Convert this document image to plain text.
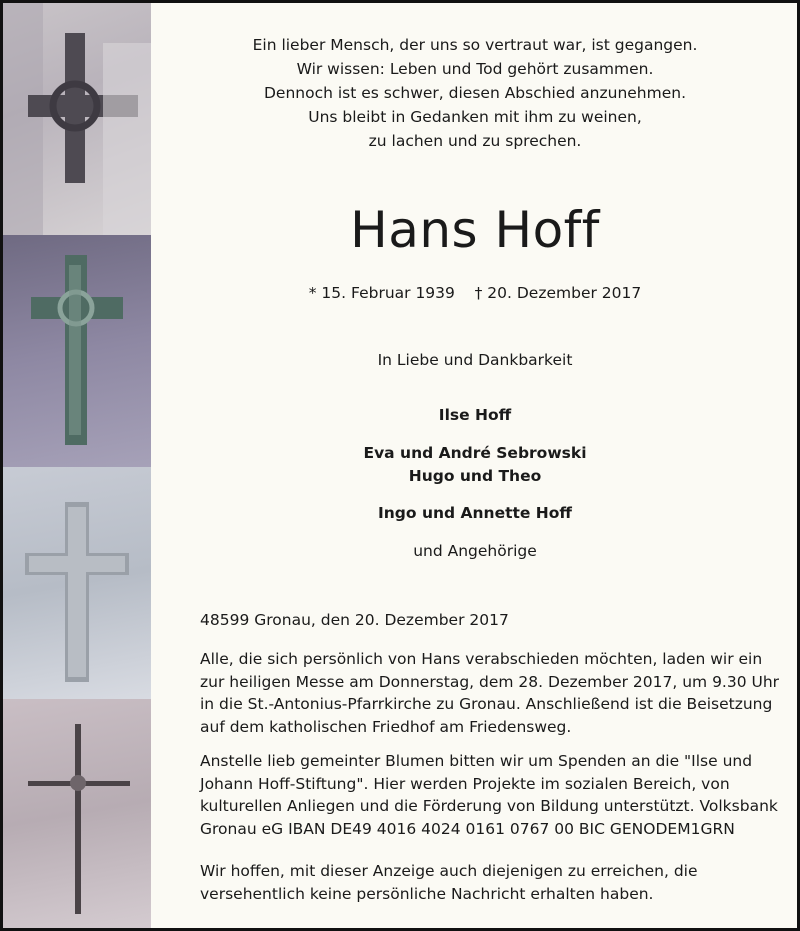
Ein lieber Mensch, der uns so vertraut war, ist gegangen.
Wir wissen: Leben und Tod gehört zusammen.
Dennoch ist es schwer, diesen Abschied anzunehmen.
Uns bleibt in Gedanken mit ihm zu weinen,
zu lachen und zu sprechen.
Hans Hoff
* 15. Februar 1939 † 20. Dezember 2017
In Liebe und Dankbarkeit
Ilse Hoff
Eva und André Sebrowski
Hugo und Theo
Ingo und Annette Hoff
und Angehörige
48599 Gronau, den 20. Dezember 2017
Alle, die sich persönlich von Hans verabschieden möchten, laden wir ein
zur heiligen Messe am Donnerstag, dem 28. Dezember 2017, um 9.30 Uhr
in die St.-Antonius-Pfarrkirche zu Gronau. Anschließend ist die Beisetzung
auf dem katholischen Friedhof am Friedensweg.
Anstelle lieb gemeinter Blumen bitten wir um Spenden an die "Ilse und
Johann Hoff-Stiftung". Hier werden Projekte im sozialen Bereich, von
kulturellen Anliegen und die Förderung von Bildung unterstützt. Volksbank
Gronau eG IBAN DE49 4016 4024 0161 0767 00 BIC GENODEM1GRN
Wir hoffen, mit dieser Anzeige auch diejenigen zu erreichen, die
versehentlich keine persönliche Nachricht erhalten haben.
